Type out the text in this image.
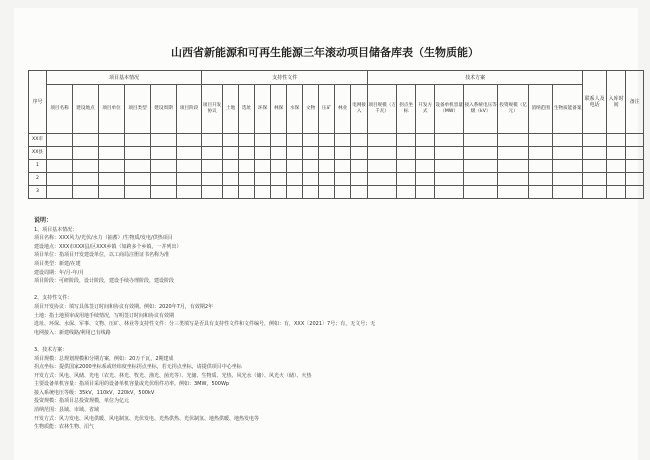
山西省新能源和可再生能源三年滚动项目储备库表（生物质能）
序号	项目基本情况						支持性文件										技术方案								联系人及电话	入库时间	备注
	项目名称	建设地点	项目单位	项目类型	建设周期	项目阶段	项目开发协议	土地	选址	环保	林保	水保	文物	压矿	林业	电网接入	项目规模（万千瓦）	拐点坐标	开发方式	设备单机容量（MW）	接入系统电压等级（kV）	投资规模（亿元）	消纳范围	生物质能备案			
XX市																											
XX县																											
1																											
2																											
3																											
说明：
1、项目基本情况：
项目名称：XXX风力/光伏/水力（抽蓄）/生物质/发电/供热项目
建设地点：XXX市XXX县/区XXX乡镇（如跨多个乡镇，一并列出）
项目单位：指项目开发建设单位，以工商局注册证书名称为准
项目类型：新建/在建
建设周期：年/月-年/月
项目阶段：可研阶段，设计阶段，建设手续办理阶段，建设阶段
2、支持性文件：
项目开发协议：填写具体签订时间和协议有效期。例如：2020年7月，有效期2年
土地：指土地预审或用地手续情况，写明签订时间和协议有效期
选址、环保、水保、军事、文物、压矿、林业等支持性文件：分三类填写是否具有支持性文件和文件编号，例如：有，XXX〔2021〕7号；有，无文号；无
电网接入：新建线路/利用已有线路
3、技术方案：
项目规模：总规划规模和分期方案，例如：20万千瓦，2期建成
拐点坐标：提供国家2000坐标系或经纬度坐标拐点坐标，若无拐点坐标，请提供项目中心坐标
开发方式：风电、风储、光电（农光、林光、牧光、渔光、菌光等）、光储、生物质、光热、风光水（储）、风光火（储）、火热
主要设备单机容量：指项目采用的设备单机容量或光伏组件功率。例如：3MW，500Wp
接入系统电压等级：35kV，110kV，220kV，500kV
投资规模：指项目总投资规模，单位为亿元
消纳范围：县域、市域、省域
开发方式：风力发电、风电供暖、风电制氢、光伏发电、光热供热、光伏制氢、地热供暖、地热发电等
生物质能：农林生物、沼气
